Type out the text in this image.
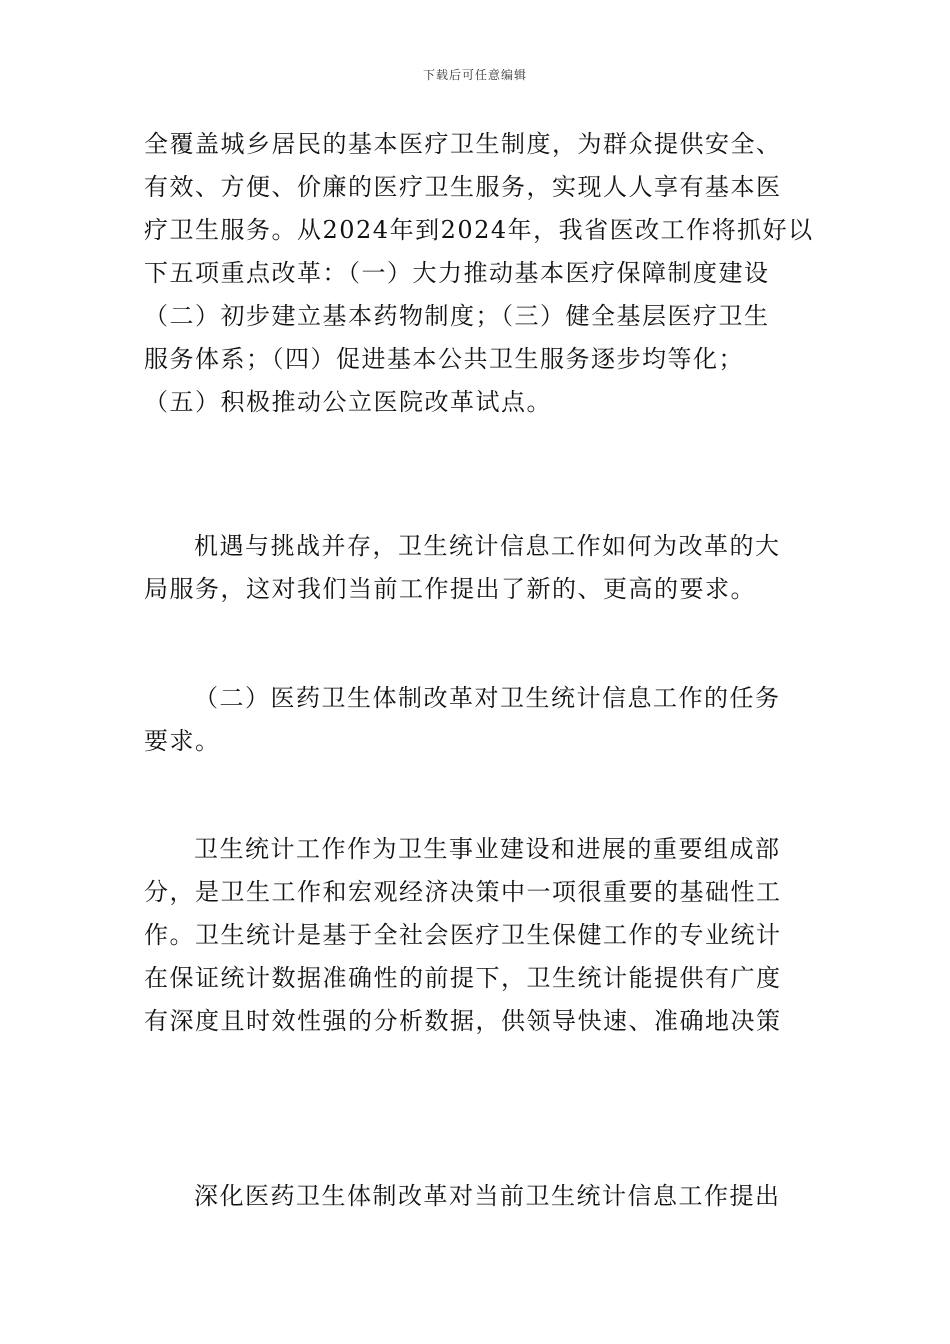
下载后可任意编辑
全覆盖城乡居民的基本医疗卫生制度，为群众提供安全、
有效、方便、价廉的医疗卫生服务，实现人人享有基本医
疗卫生服务。从2024年到2024年，我省医改工作将抓好以
下五项重点改革：（一）大力推动基本医疗保障制度建设
（二）初步建立基本药物制度；（三）健全基层医疗卫生
服务体系；（四）促进基本公共卫生服务逐步均等化；
（五）积极推动公立医院改革试点。
机遇与挑战并存，卫生统计信息工作如何为改革的大
局服务，这对我们当前工作提出了新的、更高的要求。
（二）医药卫生体制改革对卫生统计信息工作的任务
要求。
卫生统计工作作为卫生事业建设和进展的重要组成部
分，是卫生工作和宏观经济决策中一项很重要的基础性工
作。卫生统计是基于全社会医疗卫生保健工作的专业统计
在保证统计数据准确性的前提下，卫生统计能提供有广度
有深度且时效性强的分析数据，供领导快速、准确地决策
深化医药卫生体制改革对当前卫生统计信息工作提出
